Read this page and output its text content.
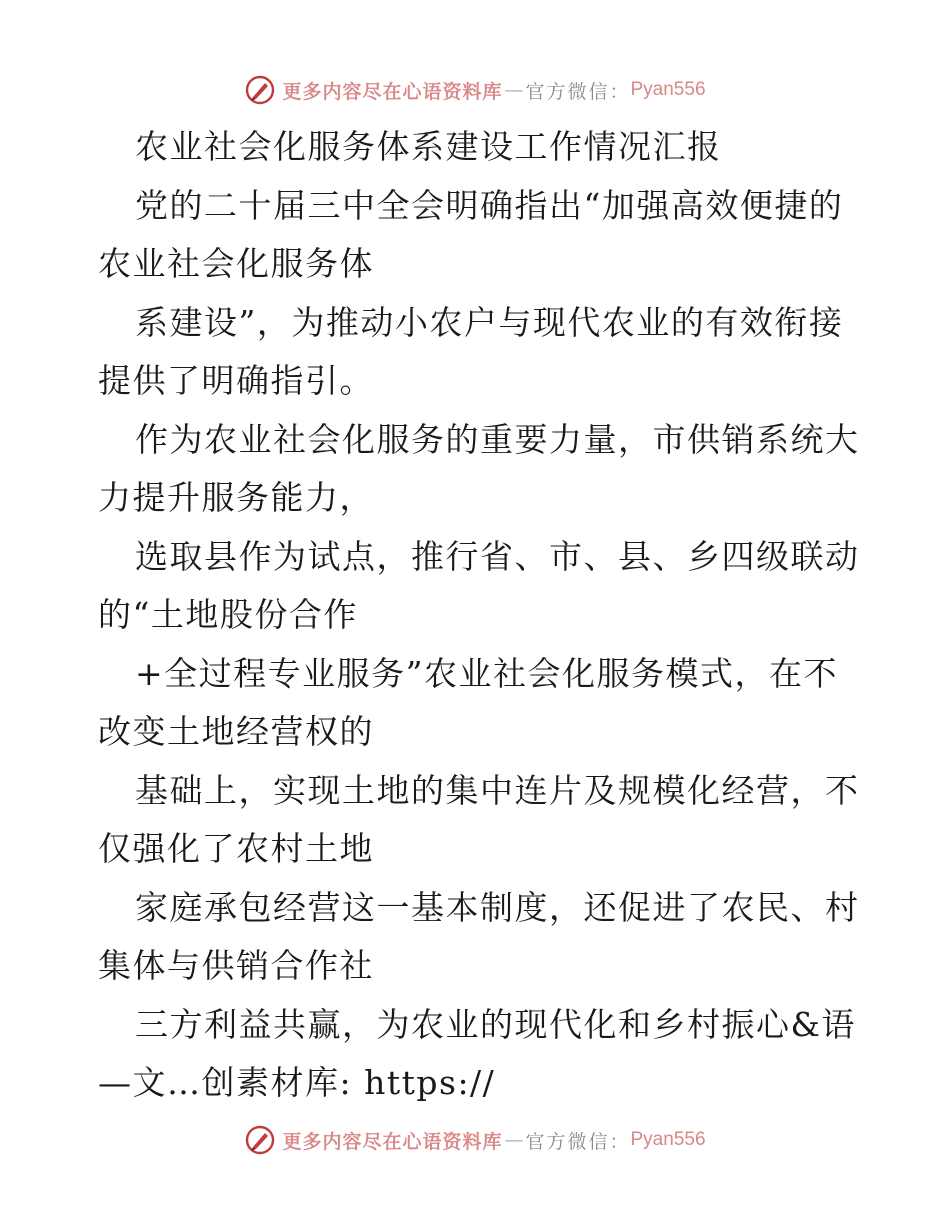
更多内容尽在心语资料库 — 官方微信： Pyan556
农业社会化服务体系建设工作情况汇报
党的二十届三中全会明确指出“加强高效便捷的
农业社会化服务体
系建设”，为推动小农户与现代农业的有效衔接
提供了明确指引。
作为农业社会化服务的重要力量，市供销系统大
力提升服务能力，
选取县作为试点，推行省、市、县、乡四级联动
的“土地股份合作
+全过程专业服务”农业社会化服务模式，在不
改变土地经营权的
基础上，实现土地的集中连片及规模化经营，不
仅强化了农村土地
家庭承包经营这一基本制度，还促进了农民、村
集体与供销合作社
三方利益共赢，为农业的现代化和乡村振心&语
—文…创素材库: https://
更多内容尽在心语资料库 — 官方微信： Pyan556
